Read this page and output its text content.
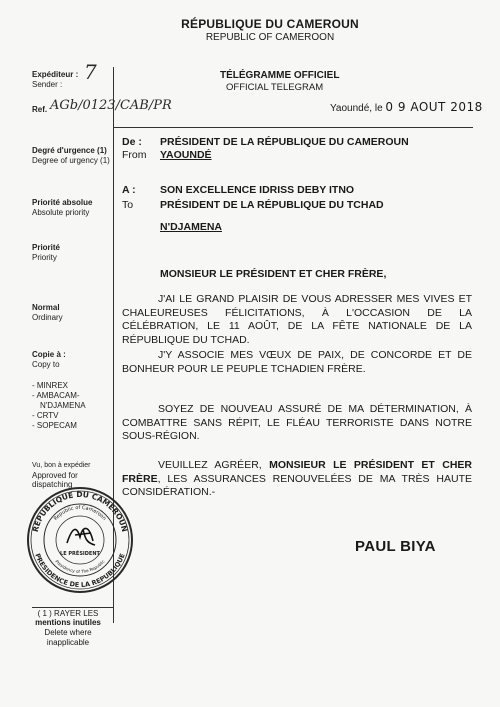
RÉPUBLIQUE DU CAMEROUN
REPUBLIC OF CAMEROON
Expéditeur :
Sender :
7
Ref. AGb/0123/CAB/PR
Degré d'urgence (1)
Degree of urgency (1)
Priorité absolue
Absolute priority
Priorité
Priority
Normal
Ordinary
Copie à :
Copy to
- MINREX
- AMBACAM-
N'DJAMENA
- CRTV
- SOPECAM
Vu, bon à expédier
Approved for
dispatching
REPUBLIQUE DU CAMEROUN
PRESIDENCE DE LA REPUBLIQUE
Republic of Cameroon
Presidency of The Republic
LE PRÉSIDENT
( 1 ) RAYER LES
mentions inutiles
Delete where
inapplicable
TÉLÉGRAMME OFFICIEL
OFFICIAL TELEGRAM
Yaoundé, le 0 9 AOUT 2018
De :
From
PRÉSIDENT DE LA RÉPUBLIQUE DU CAMEROUN
YAOUNDÉ
A :
To
SON EXCELLENCE IDRISS DEBY ITNO
PRÉSIDENT DE LA RÉPUBLIQUE DU TCHAD
N'DJAMENA
MONSIEUR LE PRÉSIDENT ET CHER FRÈRE,

J'AI LE GRAND PLAISIR DE VOUS ADRESSER MES VIVES ET CHALEUREUSES FÉLICITATIONS, À L'OCCASION DE LA CÉLÉBRATION, LE 11 AOÛT, DE LA FÊTE NATIONALE DE LA RÉPUBLIQUE DU TCHAD.

J'Y ASSOCIE MES VŒUX DE PAIX, DE CONCORDE ET DE BONHEUR POUR LE PEUPLE TCHADIEN FRÈRE.

SOYEZ DE NOUVEAU ASSURÉ DE MA DÉTERMINATION, À COMBATTRE SANS RÉPIT, LE FLÉAU TERRORISTE DANS NOTRE SOUS-RÉGION.

VEUILLEZ AGRÉER, MONSIEUR LE PRÉSIDENT ET CHER FRÈRE, LES ASSURANCES RENOUVELÉES DE MA TRÈS HAUTE CONSIDÉRATION.-

PAUL BIYA
